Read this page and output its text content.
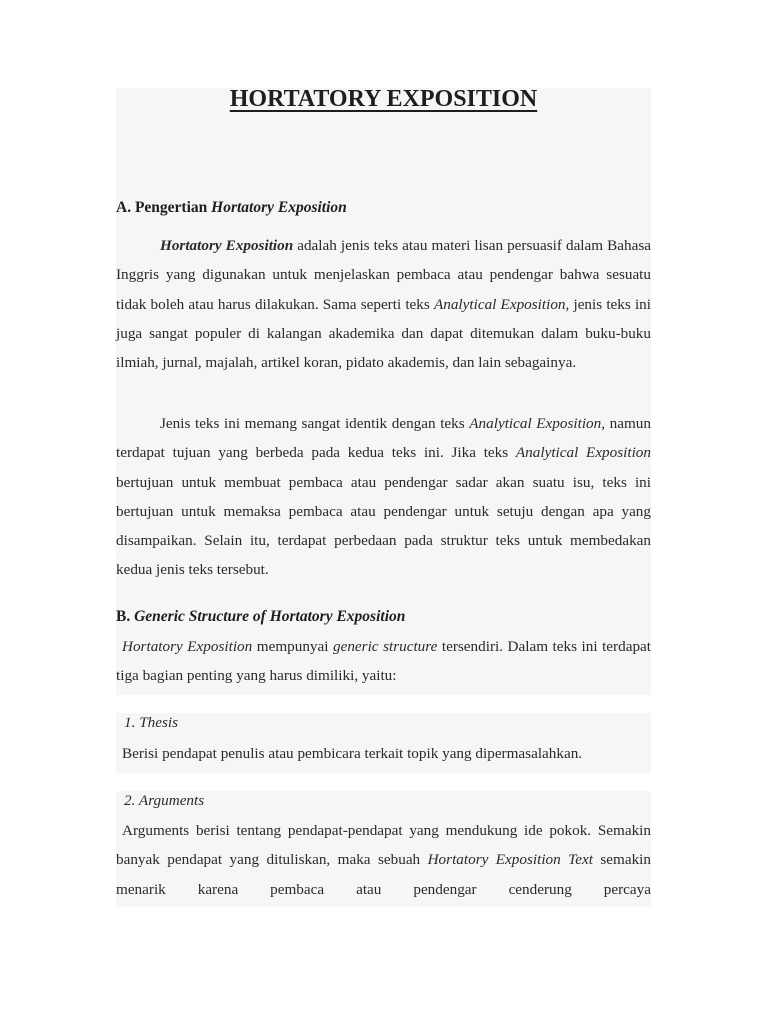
HORTATORY EXPOSITION

A. Pengertian Hortatory Exposition

Hortatory Exposition adalah jenis teks atau materi lisan persuasif dalam Bahasa Inggris yang digunakan untuk menjelaskan pembaca atau pendengar bahwa sesuatu tidak boleh atau harus dilakukan. Sama seperti teks Analytical Exposition, jenis teks ini juga sangat populer di kalangan akademika dan dapat ditemukan dalam buku-buku ilmiah, jurnal, majalah, artikel koran, pidato akademis, dan lain sebagainya.

Jenis teks ini memang sangat identik dengan teks Analytical Exposition, namun terdapat tujuan yang berbeda pada kedua teks ini. Jika teks Analytical Exposition bertujuan untuk membuat pembaca atau pendengar sadar akan suatu isu, teks ini bertujuan untuk memaksa pembaca atau pendengar untuk setuju dengan apa yang disampaikan. Selain itu, terdapat perbedaan pada struktur teks untuk membedakan kedua jenis teks tersebut.

B. Generic Structure of Hortatory Exposition

Hortatory Exposition mempunyai generic structure tersendiri. Dalam teks ini terdapat tiga bagian penting yang harus dimiliki, yaitu:

1. Thesis

Berisi pendapat penulis atau pembicara terkait topik yang dipermasalahkan.

2. Arguments

Arguments berisi tentang pendapat-pendapat yang mendukung ide pokok. Semakin banyak pendapat yang dituliskan, maka sebuah Hortatory Exposition Text semakin menarik karena pembaca atau pendengar cenderung percaya
